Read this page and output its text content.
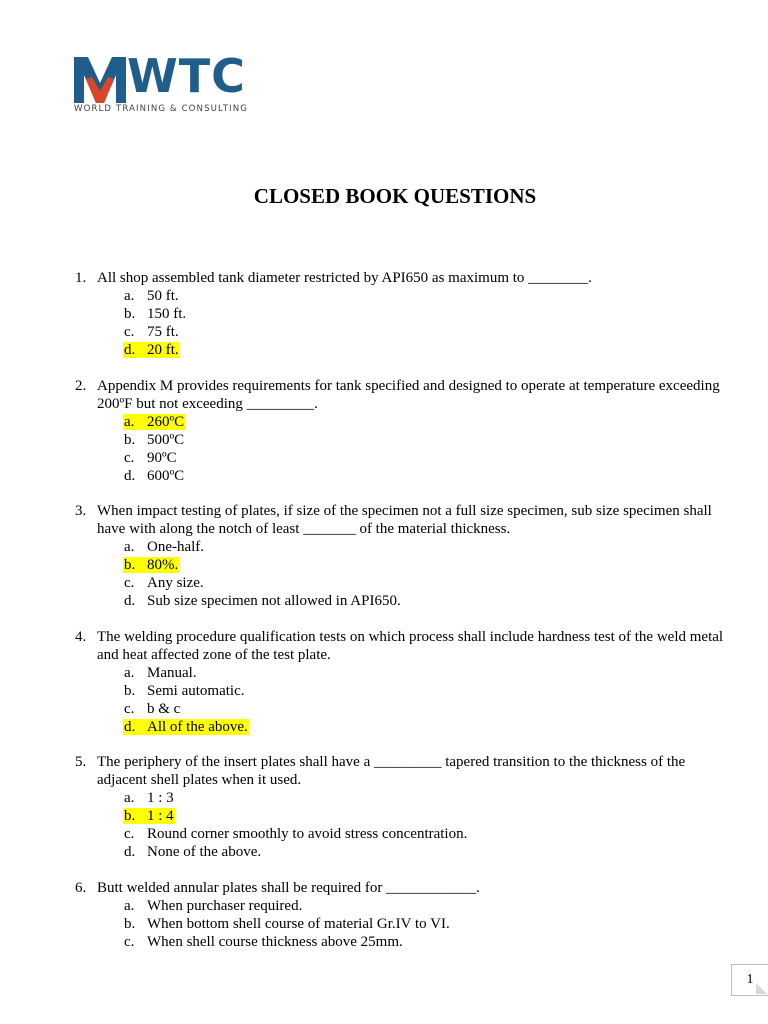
WTC
WORLD TRAINING & CONSULTING
CLOSED BOOK QUESTIONS
1. All shop assembled tank diameter restricted by API650 as maximum to ________.
a. 50 ft.
b. 150 ft.
c. 75 ft.
d. 20 ft.
2. Appendix M provides requirements for tank specified and designed to operate at temperature exceeding 200ºF but not exceeding _________.
a. 260ºC
b. 500ºC
c. 90ºC
d. 600ºC
3. When impact testing of plates, if size of the specimen not a full size specimen, sub size specimen shall have with along the notch of least _______ of the material thickness.
a. One-half.
b. 80%.
c. Any size.
d. Sub size specimen not allowed in API650.
4. The welding procedure qualification tests on which process shall include hardness test of the weld metal and heat affected zone of the test plate.
a. Manual.
b. Semi automatic.
c. b & c
d. All of the above.
5. The periphery of the insert plates shall have a _________ tapered transition to the thickness of the adjacent shell plates when it used.
a. 1 : 3
b. 1 : 4
c. Round corner smoothly to avoid stress concentration.
d. None of the above.
6. Butt welded annular plates shall be required for ____________.
a. When purchaser required.
b. When bottom shell course of material Gr.IV to VI.
c. When shell course thickness above 25mm.
1
